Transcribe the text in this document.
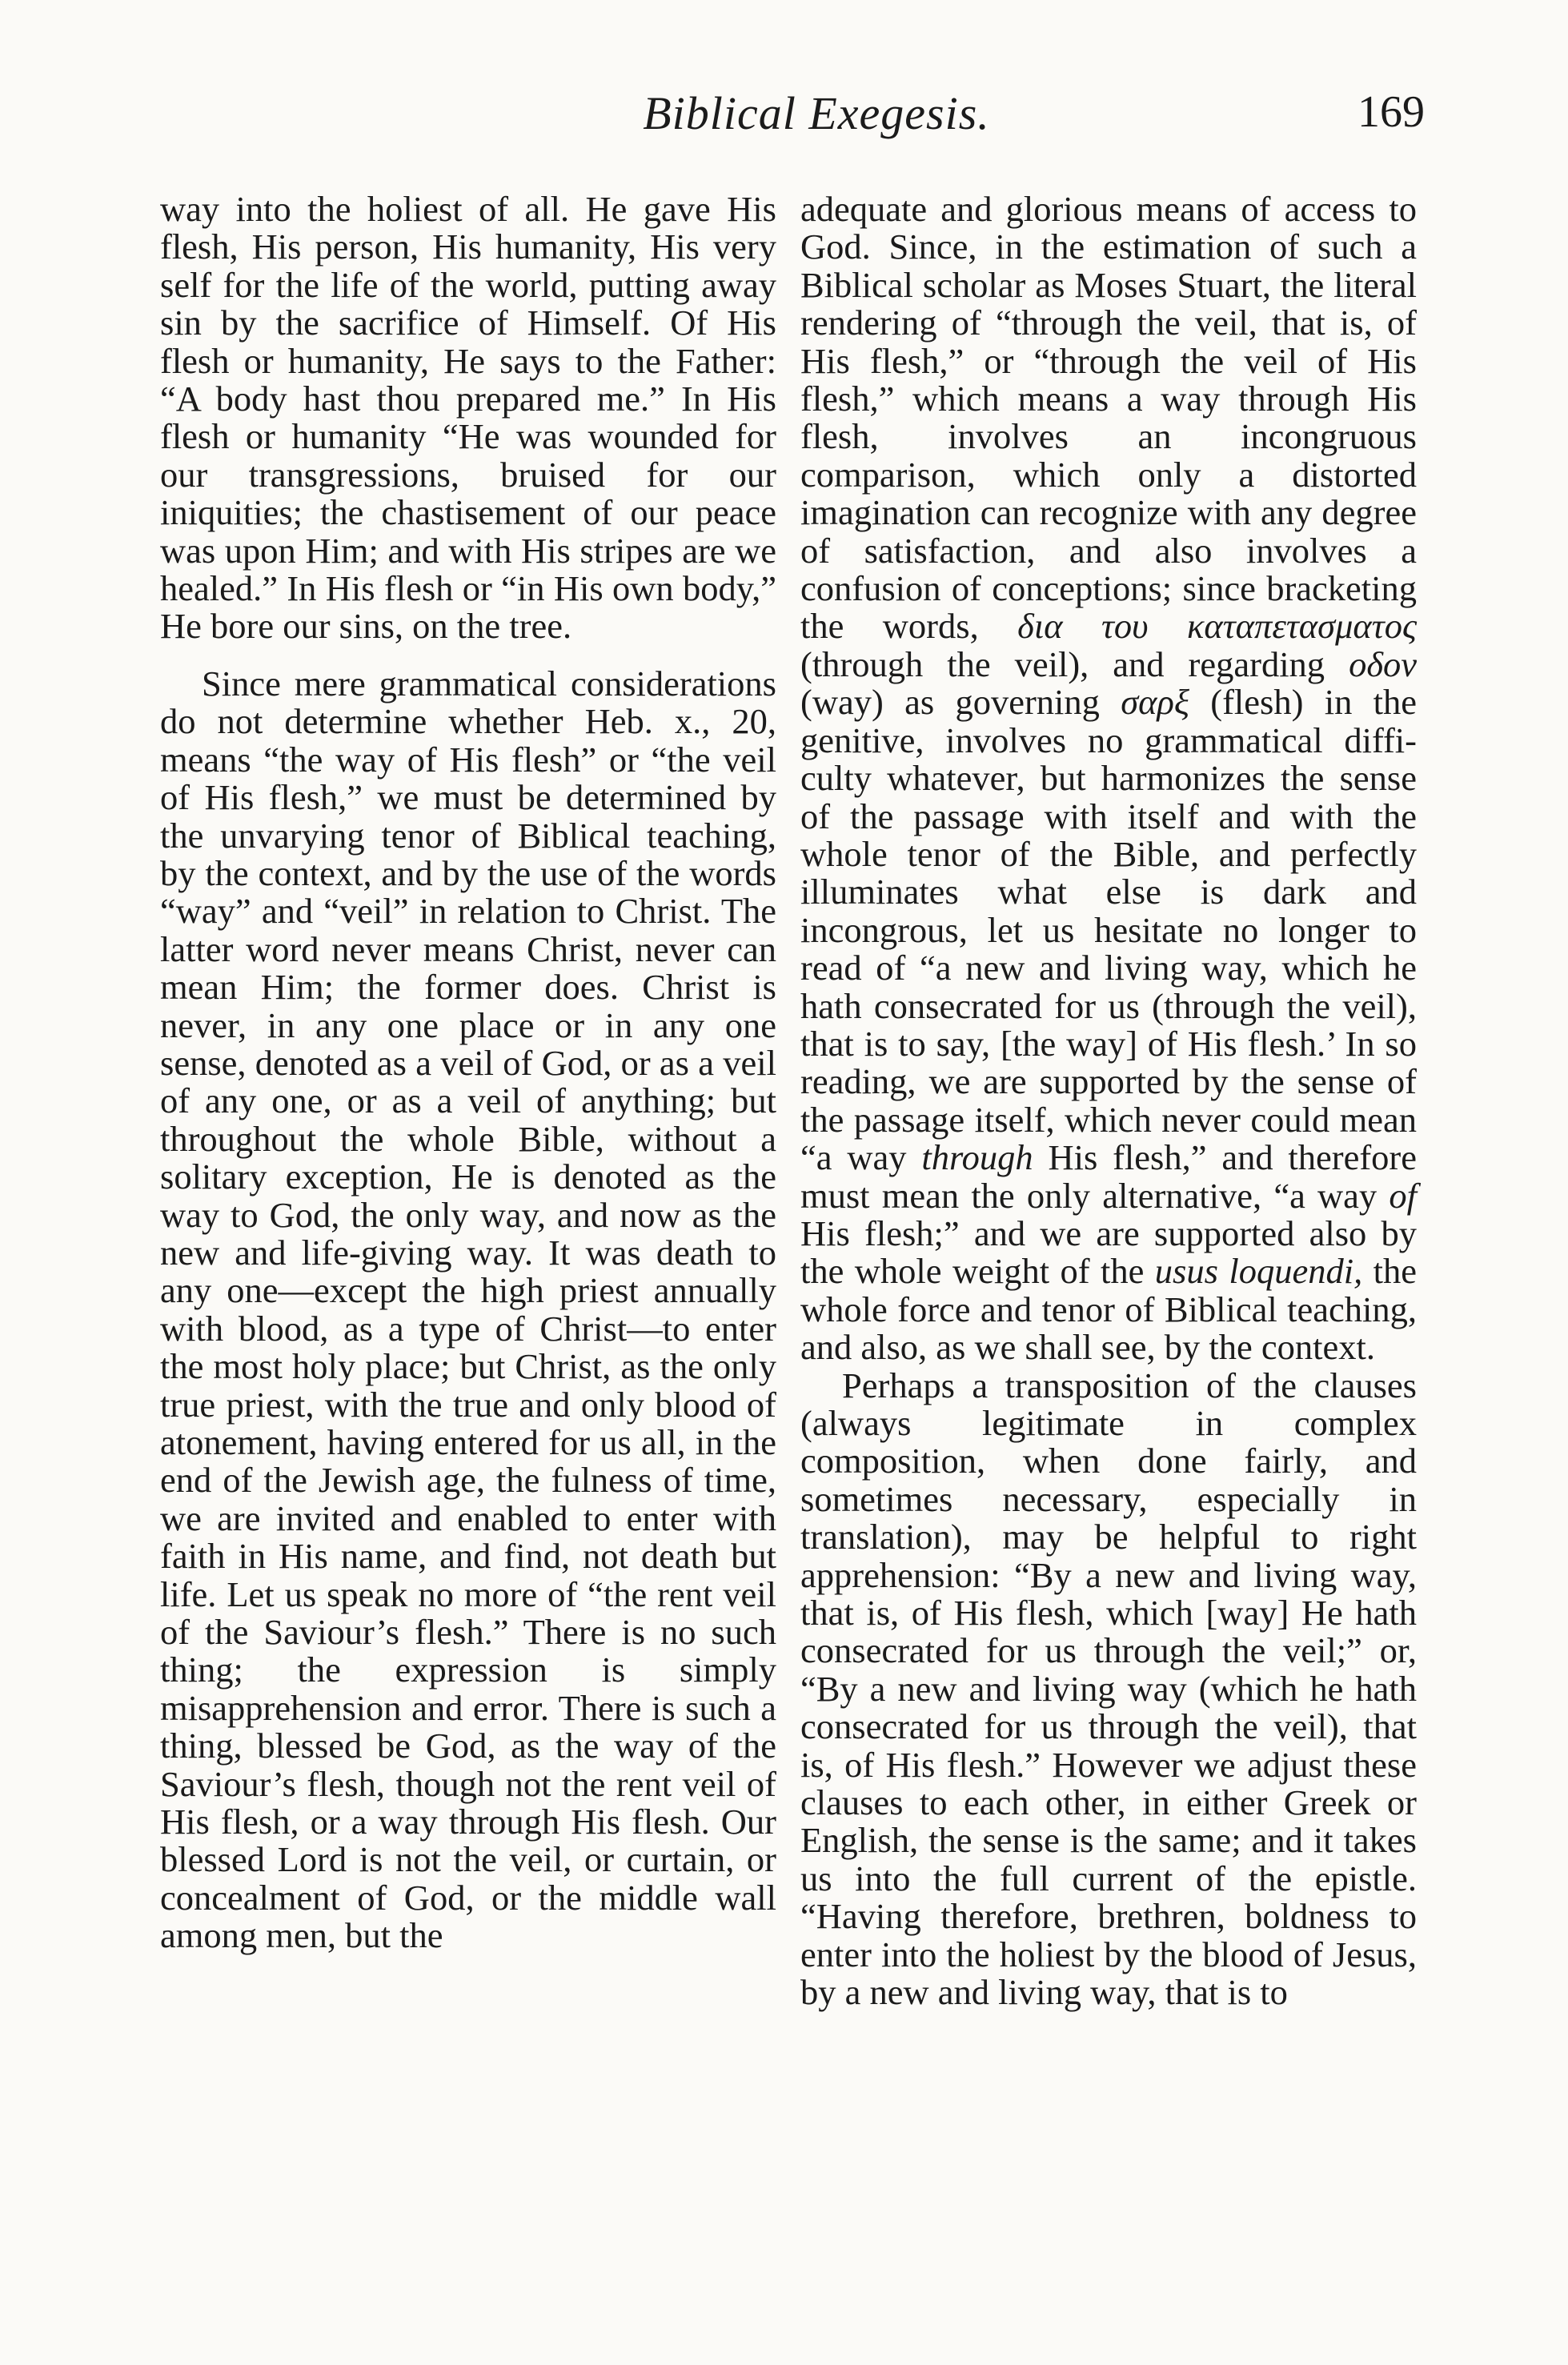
Biblical Exegesis.	169

way into the holiest of all. He gave His flesh, His person, His humanity, His very self for the life of the world, putting away sin by the sacrifice of Himself. Of His flesh or humanity, He says to the Father: “A body hast thou prepared me.” In His flesh or humanity “He was wounded for our transgressions, bruised for our iniquities; the chastisement of our peace was upon Him; and with His stripes are we healed.” In His flesh or “in His own body,” He bore our sins, on the tree.

Since mere grammatical considerations do not determine whether Heb. x., 20, means “the way of His flesh” or “the veil of His flesh,” we must be determined by the unvarying tenor of Biblical teaching, by the context, and by the use of the words “way” and “veil” in relation to Christ. The latter word never means Christ, never can mean Him; the former does. Christ is never, in any one place or in any one sense, denoted as a veil of God, or as a veil of any one, or as a veil of anything; but throughout the whole Bible, without a solitary exception, He is denoted as the way to God, the only way, and now as the new and life-giving way. It was death to any one—except the high priest annually with blood, as a type of Christ—to enter the most holy place; but Christ, as the only true priest, with the true and only blood of atonement, having entered for us all, in the end of the Jewish age, the fulness of time, we are invited and enabled to enter with faith in His name, and find, not death but life. Let us speak no more of “the rent veil of the Saviour’s flesh.” There is no such thing; the expression is simply misapprehension and error. There is such a thing, blessed be God, as the way of the Saviour’s flesh, though not the rent veil of His flesh, or a way through His flesh. Our blessed Lord is not the veil, or curtain, or concealment of God, or the middle wall among men, but the

adequate and glorious means of access to God. Since, in the estimation of such a Biblical scholar as Moses Stuart, the literal rendering of “through the veil, that is, of His flesh,” or “through the veil of His flesh,” which means a way through His flesh, involves an incongruous comparison, which only a distorted imagination can recognize with any degree of satisfaction, and also involves a confusion of conceptions; since bracketing the words, δια του καταπετασματος (through the veil), and regarding οδον (way) as governing σαρξ (flesh) in the genitive, involves no grammatical difficulty whatever, but harmonizes the sense of the passage with itself and with the whole tenor of the Bible, and perfectly illuminates what else is dark and incongrous, let us hesitate no longer to read of “a new and living way, which he hath consecrated for us (through the veil), that is to say, [the way] of His flesh.’ In so reading, we are supported by the sense of the passage itself, which never could mean “a way through His flesh,” and therefore must mean the only alternative, “a way of His flesh;” and we are supported also by the whole weight of the usus loquendi, the whole force and tenor of Biblical teaching, and also, as we shall see, by the context.

Perhaps a transposition of the clauses (always legitimate in complex composition, when done fairly, and sometimes necessary, especially in translation), may be helpful to right apprehension: “By a new and living way, that is, of His flesh, which [way] He hath consecrated for us through the veil;” or, “By a new and living way (which he hath consecrated for us through the veil), that is, of His flesh.” However we adjust these clauses to each other, in either Greek or English, the sense is the same; and it takes us into the full current of the epistle. “Having therefore, brethren, boldness to enter into the holiest by the blood of Jesus, by a new and living way, that is to
